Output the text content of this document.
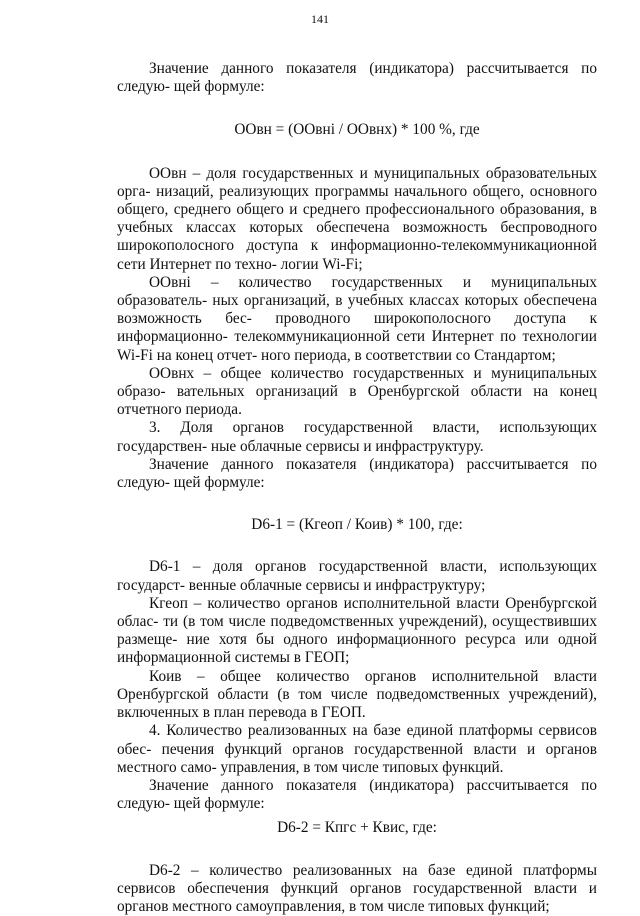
141

Значение данного показателя (индикатора) рассчитывается по следую- щей формуле:

ООвн = (ООвнi / ООвнх) * 100 %, где

ООвн – доля государственных и муниципальных образовательных орга- низаций, реализующих программы начального общего, основного общего, среднего общего и среднего профессионального образования, в учебных классах которых обеспечена возможность беспроводного широкополосного доступа к информационно-телекоммуникационной сети Интернет по техно- логии Wi-Fi;

ООвнi – количество государственных и муниципальных образователь- ных организаций, в учебных классах которых обеспечена возможность бес- проводного широкополосного доступа к информационно- телекоммуникационной сети Интернет по технологии Wi-Fi на конец отчет- ного периода, в соответствии со Стандартом;

ООвнх – общее количество государственных и муниципальных образо- вательных организаций в Оренбургской области на конец отчетного периода.

3. Доля органов государственной власти, использующих государствен- ные облачные сервисы и инфраструктуру.

Значение данного показателя (индикатора) рассчитывается по следую- щей формуле:

D6-1 = (Кгеоп / Коив) * 100, где:

D6-1 – доля органов государственной власти, использующих государст- венные облачные сервисы и инфраструктуру;

Кгеоп – количество органов исполнительной власти Оренбургской облас- ти (в том числе подведомственных учреждений), осуществивших размеще- ние хотя бы одного информационного ресурса или одной информационной системы в ГЕОП;

Коив – общее количество органов исполнительной власти Оренбургской области (в том числе подведомственных учреждений), включенных в план перевода в ГЕОП.

4. Количество реализованных на базе единой платформы сервисов обес- печения функций органов государственной власти и органов местного само- управления, в том числе типовых функций.

Значение данного показателя (индикатора) рассчитывается по следую- щей формуле:

D6-2 = Кпгс + Квис, где:

D6-2 – количество реализованных на базе единой платформы сервисов обеспечения функций органов государственной власти и органов местного самоуправления, в том числе типовых функций;
